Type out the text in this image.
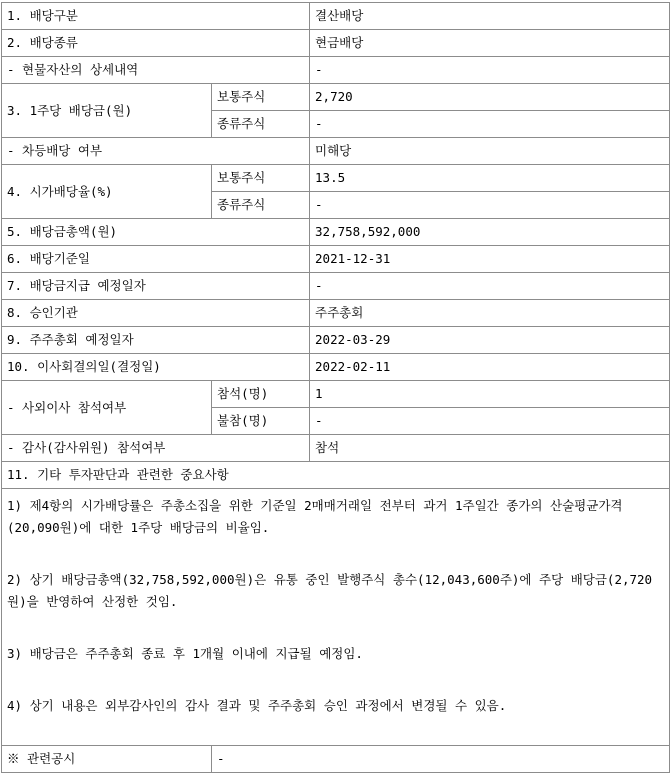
1. 배당구분		결산배당
2. 배당종류		현금배당
- 현물자산의 상세내역		-
3. 1주당 배당금(원)	보통주식	2,720
	종류주식	-
- 차등배당 여부		미해당
4. 시가배당율(%)	보통주식	13.5
	종류주식	-
5. 배당금총액(원)		32,758,592,000
6. 배당기준일		2021-12-31
7. 배당금지급 예정일자		-
8. 승인기관		주주총회
9. 주주총회 예정일자		2022-03-29
10. 이사회결의일(결정일)		2022-02-11
- 사외이사 참석여부	참석(명)	1
	불참(명)	-
- 감사(감사위원) 참석여부		참석
11. 기타 투자판단과 관련한 중요사항		

1) 제4항의 시가배당률은 주총소집을 위한 기준일 2매매거래일 전부터 과거 1주일간 종가의 산술평균가격(20,090원)에 대한 1주당 배당금의 비율임.

2) 상기 배당금총액(32,758,592,000원)은 유통 중인 발행주식 총수(12,043,600주)에 주당 배당금(2,720원)을 반영하여 산정한 것임.

3) 배당금은 주주총회 종료 후 1개월 이내에 지급될 예정임.

4) 상기 내용은 외부감사인의 감사 결과 및 주주총회 승인 과정에서 변경될 수 있음.		

※ 관련공시	-	
